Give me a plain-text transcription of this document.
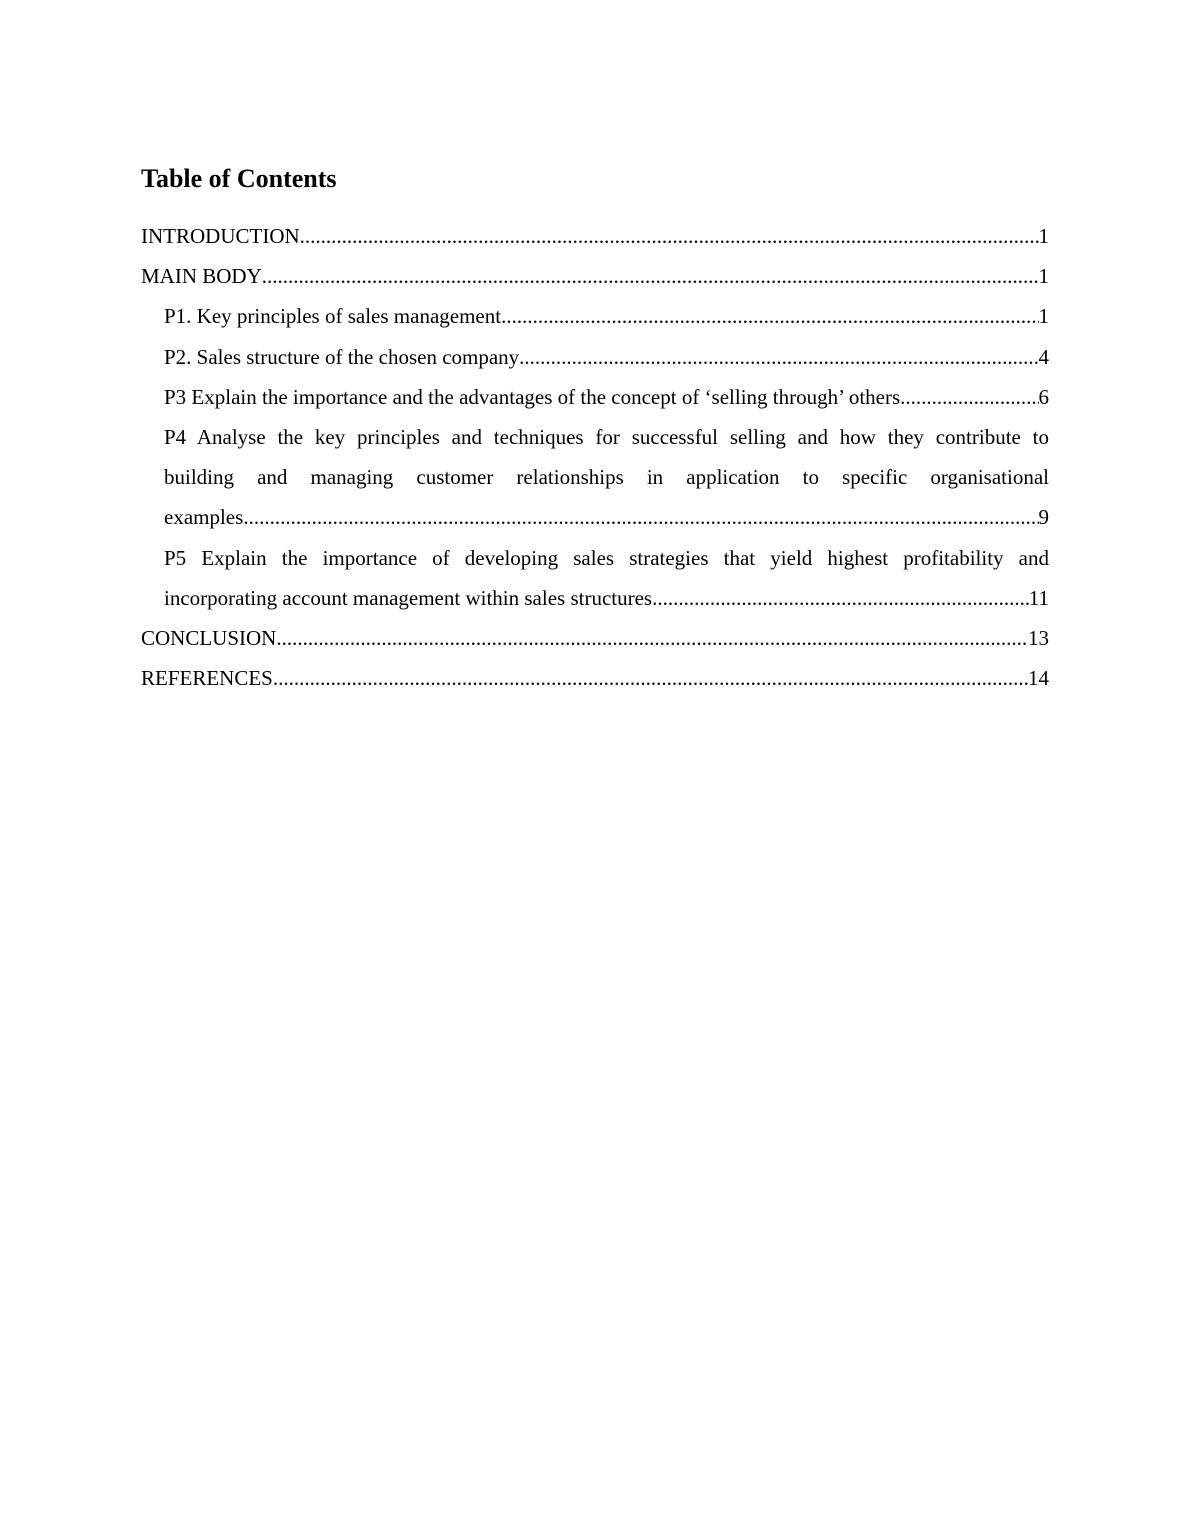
Table of Contents
INTRODUCTION .....	1
MAIN BODY .....	1
P1. Key principles of sales management .....	1
P2. Sales structure of the chosen company .....	4
P3 Explain the importance and the advantages of the concept of ‘selling through’ others .....	6
P4 Analyse the key principles and techniques for successful selling and how they contribute to
building and managing customer relationships in application to specific organisational
examples .....	9
P5 Explain the importance of developing sales strategies that yield highest profitability and
incorporating account management within sales structures .....	11
CONCLUSION .....	13
REFERENCES .....	14
